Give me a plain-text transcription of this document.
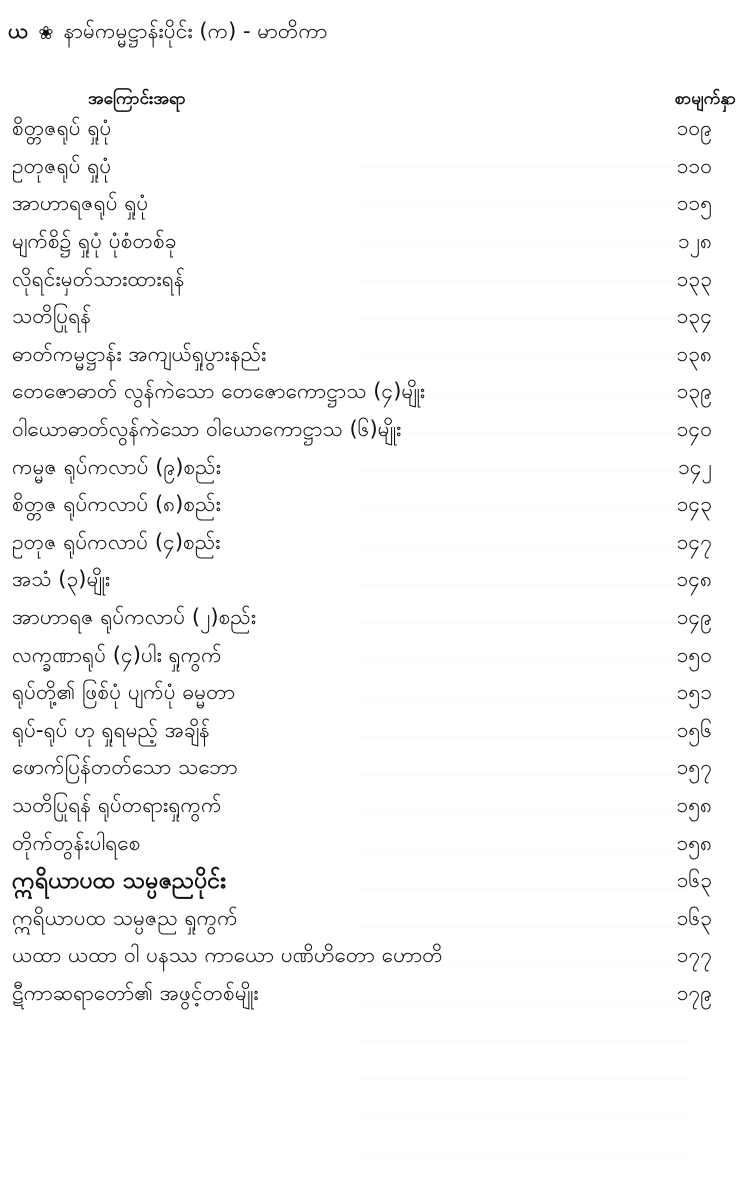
ယ ❀ နာမ်ကမ္မဋ္ဌာန်းပိုင်း (က) - မာတိကာ
အကြောင်းအရာ	စာမျက်နှာ
စိတ္တဇရုပ် ရှုပုံ	၁၀၉
ဥတုဇရုပ် ရှုပုံ	၁၁၀
အာဟာရဇရုပ် ရှုပုံ	၁၁၅
မျက်စိ၌ ရှုပုံ ပုံစံတစ်ခု	၁၂၈
လိုရင်းမှတ်သားထားရန်	၁၃၃
သတိပြုရန်	၁၃၄
ဓာတ်ကမ္မဋ္ဌာန်း အကျယ်ရှုပွားနည်း	၁၃၈
တေဇောဓာတ် လွန်ကဲသော တေဇောကောဋ္ဌာသ (၄)မျိုး	၁၃၉
ဝါယောဓာတ်လွန်ကဲသော ဝါယောကောဋ္ဌာသ (၆)မျိုး	၁၄၀
ကမ္မဇ ရုပ်ကလာပ် (၉)စည်း	၁၄၂
စိတ္တဇ ရုပ်ကလာပ် (၈)စည်း	၁၄၃
ဥတုဇ ရုပ်ကလာပ် (၄)စည်း	၁၄၇
အသံ (၃)မျိုး	၁၄၈
အာဟာရဇ ရုပ်ကလာပ် (၂)စည်း	၁၄၉
လက္ခဏာရုပ် (၄)ပါး ရှုကွက်	၁၅၀
ရုပ်တို့၏ ဖြစ်ပုံ ပျက်ပုံ ဓမ္မတာ	၁၅၁
ရုပ်-ရုပ် ဟု ရှုရမည့် အချိန်	၁၅၆
ဖောက်ပြန်တတ်သော သဘော	၁၅၇
သတိပြုရန် ရုပ်တရားရှုကွက်	၁၅၈
တိုက်တွန်းပါရစေ	၁၅၈
ဣရိယာပထ သမ္ပဇညပိုင်း	၁၆၃
ဣရိယာပထ သမ္ပဇည ရှုကွက်	၁၆၃
ယထာ ယထာ ဝါ ပနဿ ကာယော ပဏိဟိတော ဟောတိ	၁၇၇
ဋီကာဆရာတော်၏ အဖွင့်တစ်မျိုး	၁၇၉
